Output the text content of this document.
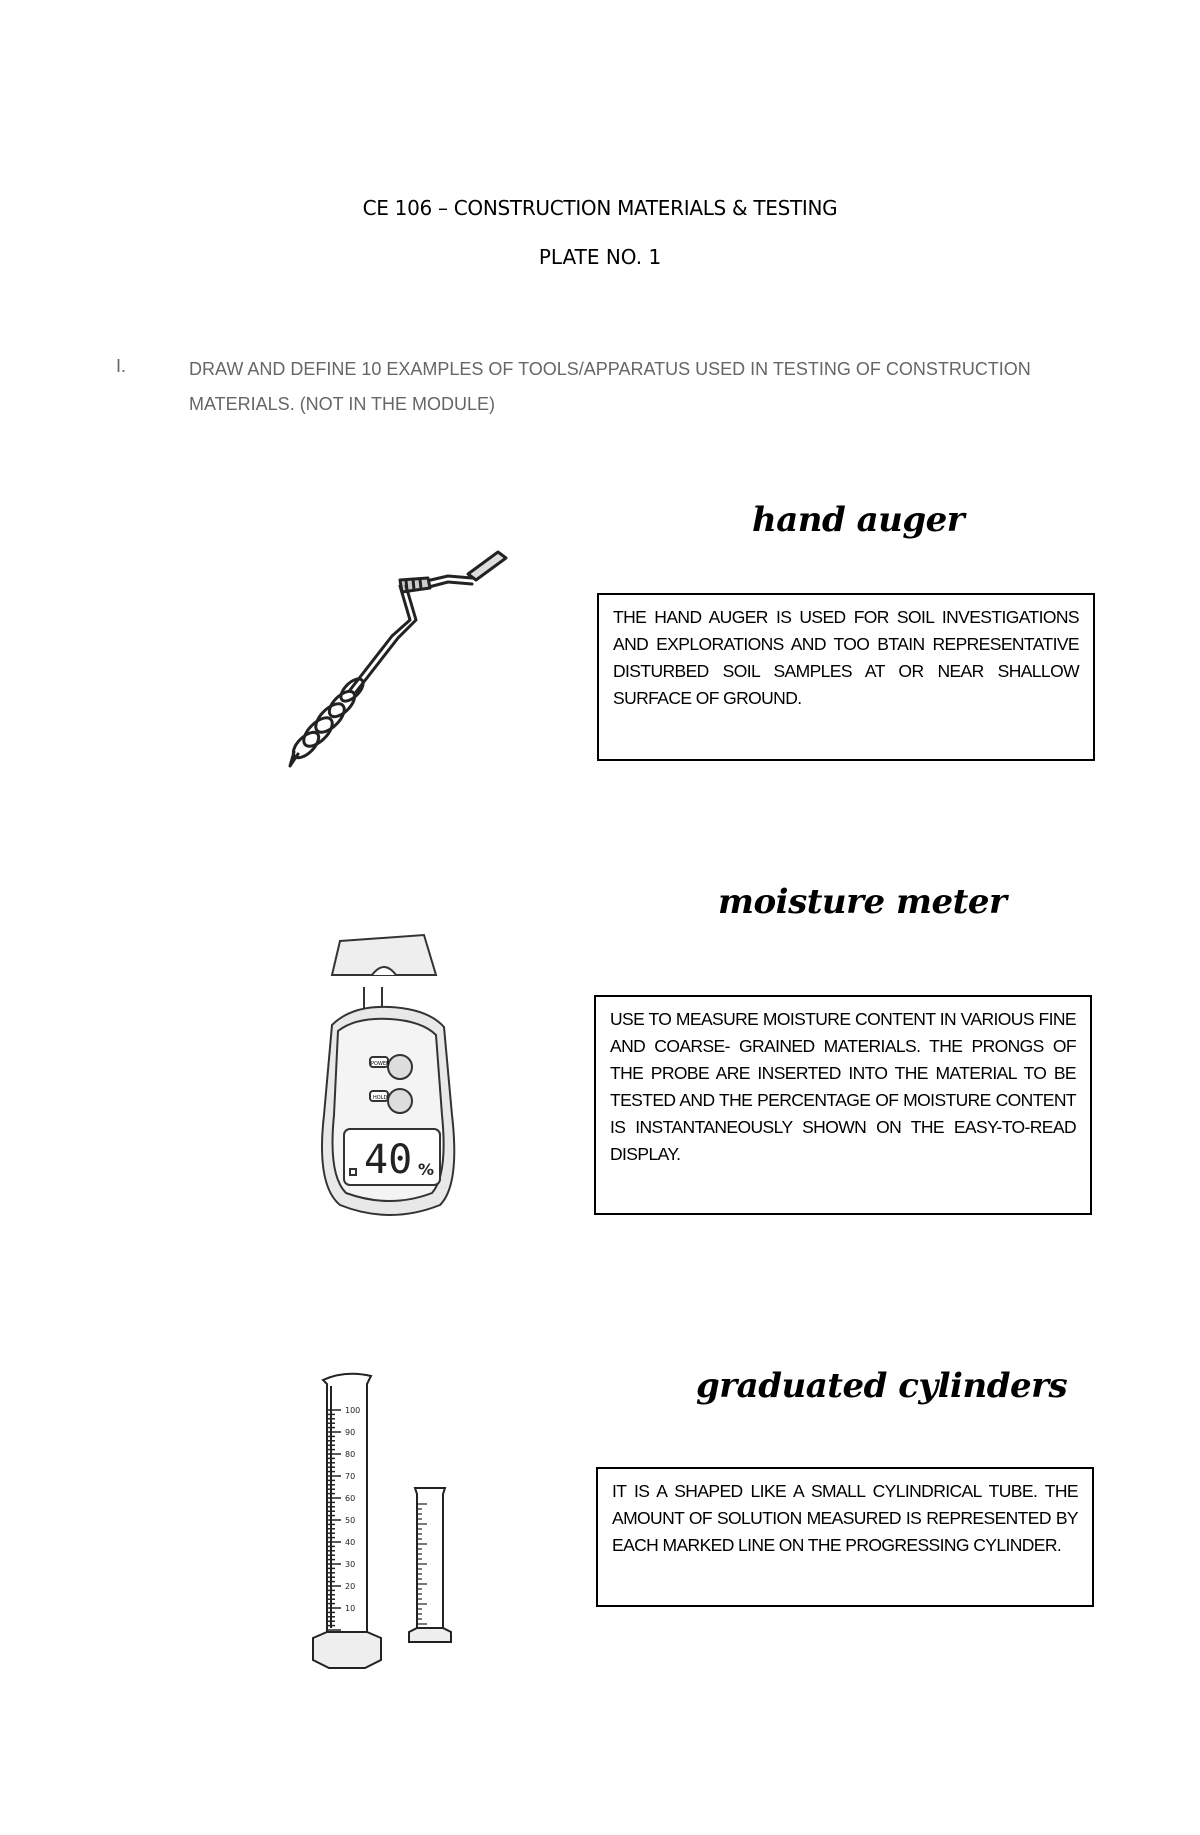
CE 106 – CONSTRUCTION MATERIALS & TESTING
PLATE NO. 1
I.	DRAW AND DEFINE 10 EXAMPLES OF TOOLS/APPARATUS USED IN TESTING OF CONSTRUCTION MATERIALS. (NOT IN THE MODULE)
hand auger
THE HAND AUGER IS USED FOR SOIL INVESTIGATIONS AND EXPLORATIONS AND TOO BTAIN REPRESENTATIVE DISTURBED SOIL SAMPLES AT OR NEAR SHALLOW SURFACE OF GROUND.
moisture meter
POWER
HOLD
40 %
USE TO MEASURE MOISTURE CONTENT IN VARIOUS FINE AND COARSE- GRAINED MATERIALS. THE PRONGS OF THE PROBE ARE INSERTED INTO THE MATERIAL TO BE TESTED AND THE PERCENTAGE OF MOISTURE CONTENT IS INSTANTANEOUSLY SHOWN ON THE EASY-TO-READ DISPLAY.
graduated cylinders
100
90
80
70
60
50
40
30
20
10
IT IS A SHAPED LIKE A SMALL CYLINDRICAL TUBE. THE AMOUNT OF SOLUTION MEASURED IS REPRESENTED BY EACH MARKED LINE ON THE PROGRESSING CYLINDER.
